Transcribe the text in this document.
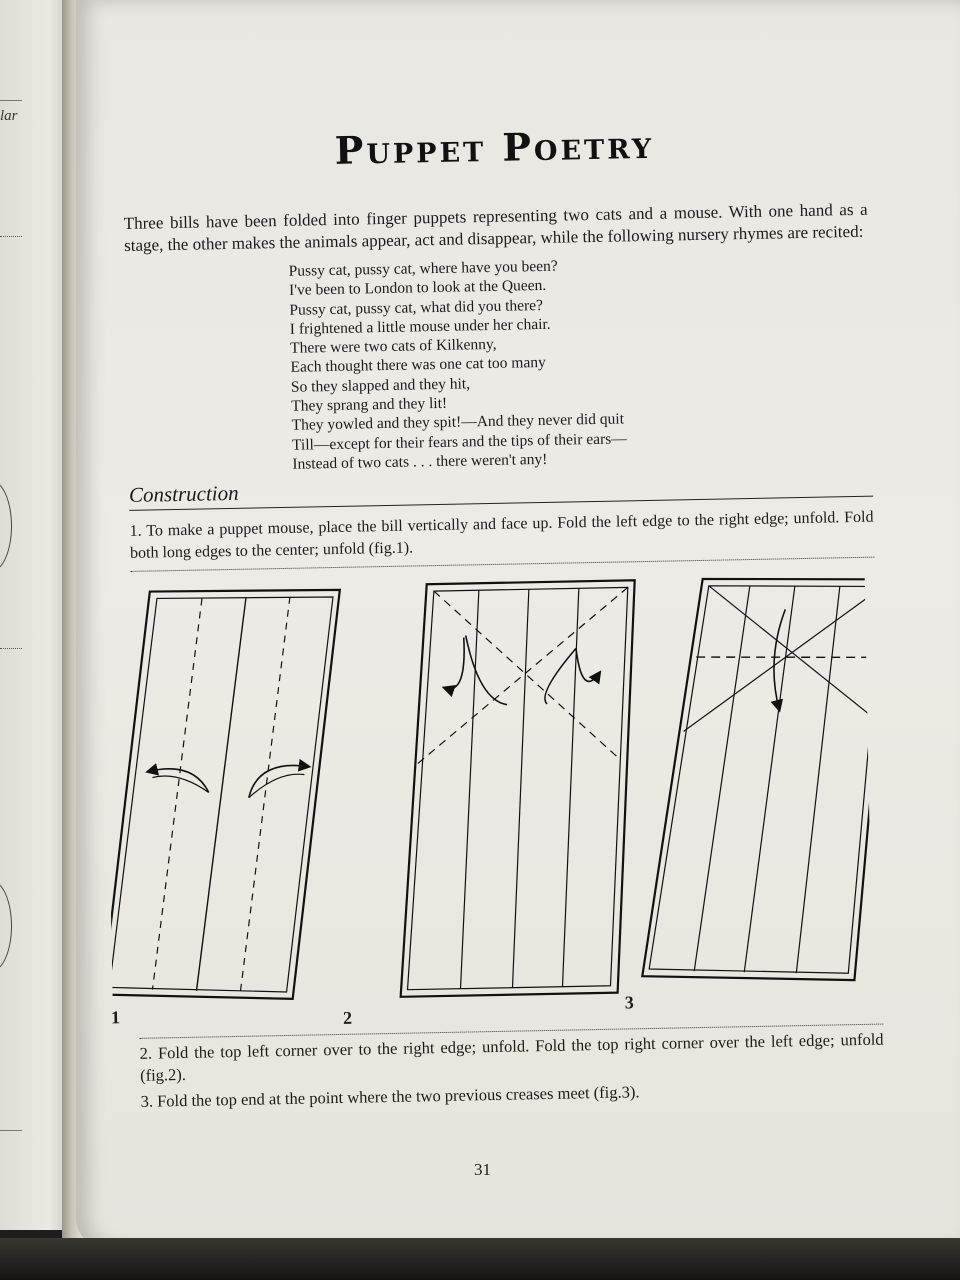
lar
Puppet Poetry

Three bills have been folded into finger puppets representing two cats and a mouse. With one hand as a stage, the other makes the animals appear, act and disappear, while the following nursery rhymes are recited:

Pussy cat, pussy cat, where have you been?
I've been to London to look at the Queen.
Pussy cat, pussy cat, what did you there?
I frightened a little mouse under her chair.
There were two cats of Kilkenny,
Each thought there was one cat too many
So they slapped and they hit,
They sprang and they lit!
They yowled and they spit!—And they never did quit
Till—except for their fears and the tips of their ears—
Instead of two cats . . . there weren't any!
Construction

1. To make a puppet mouse, place the bill vertically and face up. Fold the left edge to the right edge; unfold. Fold both long edges to the center; unfold (fig.1).

1	2
3

2. Fold the top left corner over to the right edge; unfold. Fold the top right corner over the left edge; unfold (fig.2).

3. Fold the top end at the point where the two previous creases meet (fig.3).

31
